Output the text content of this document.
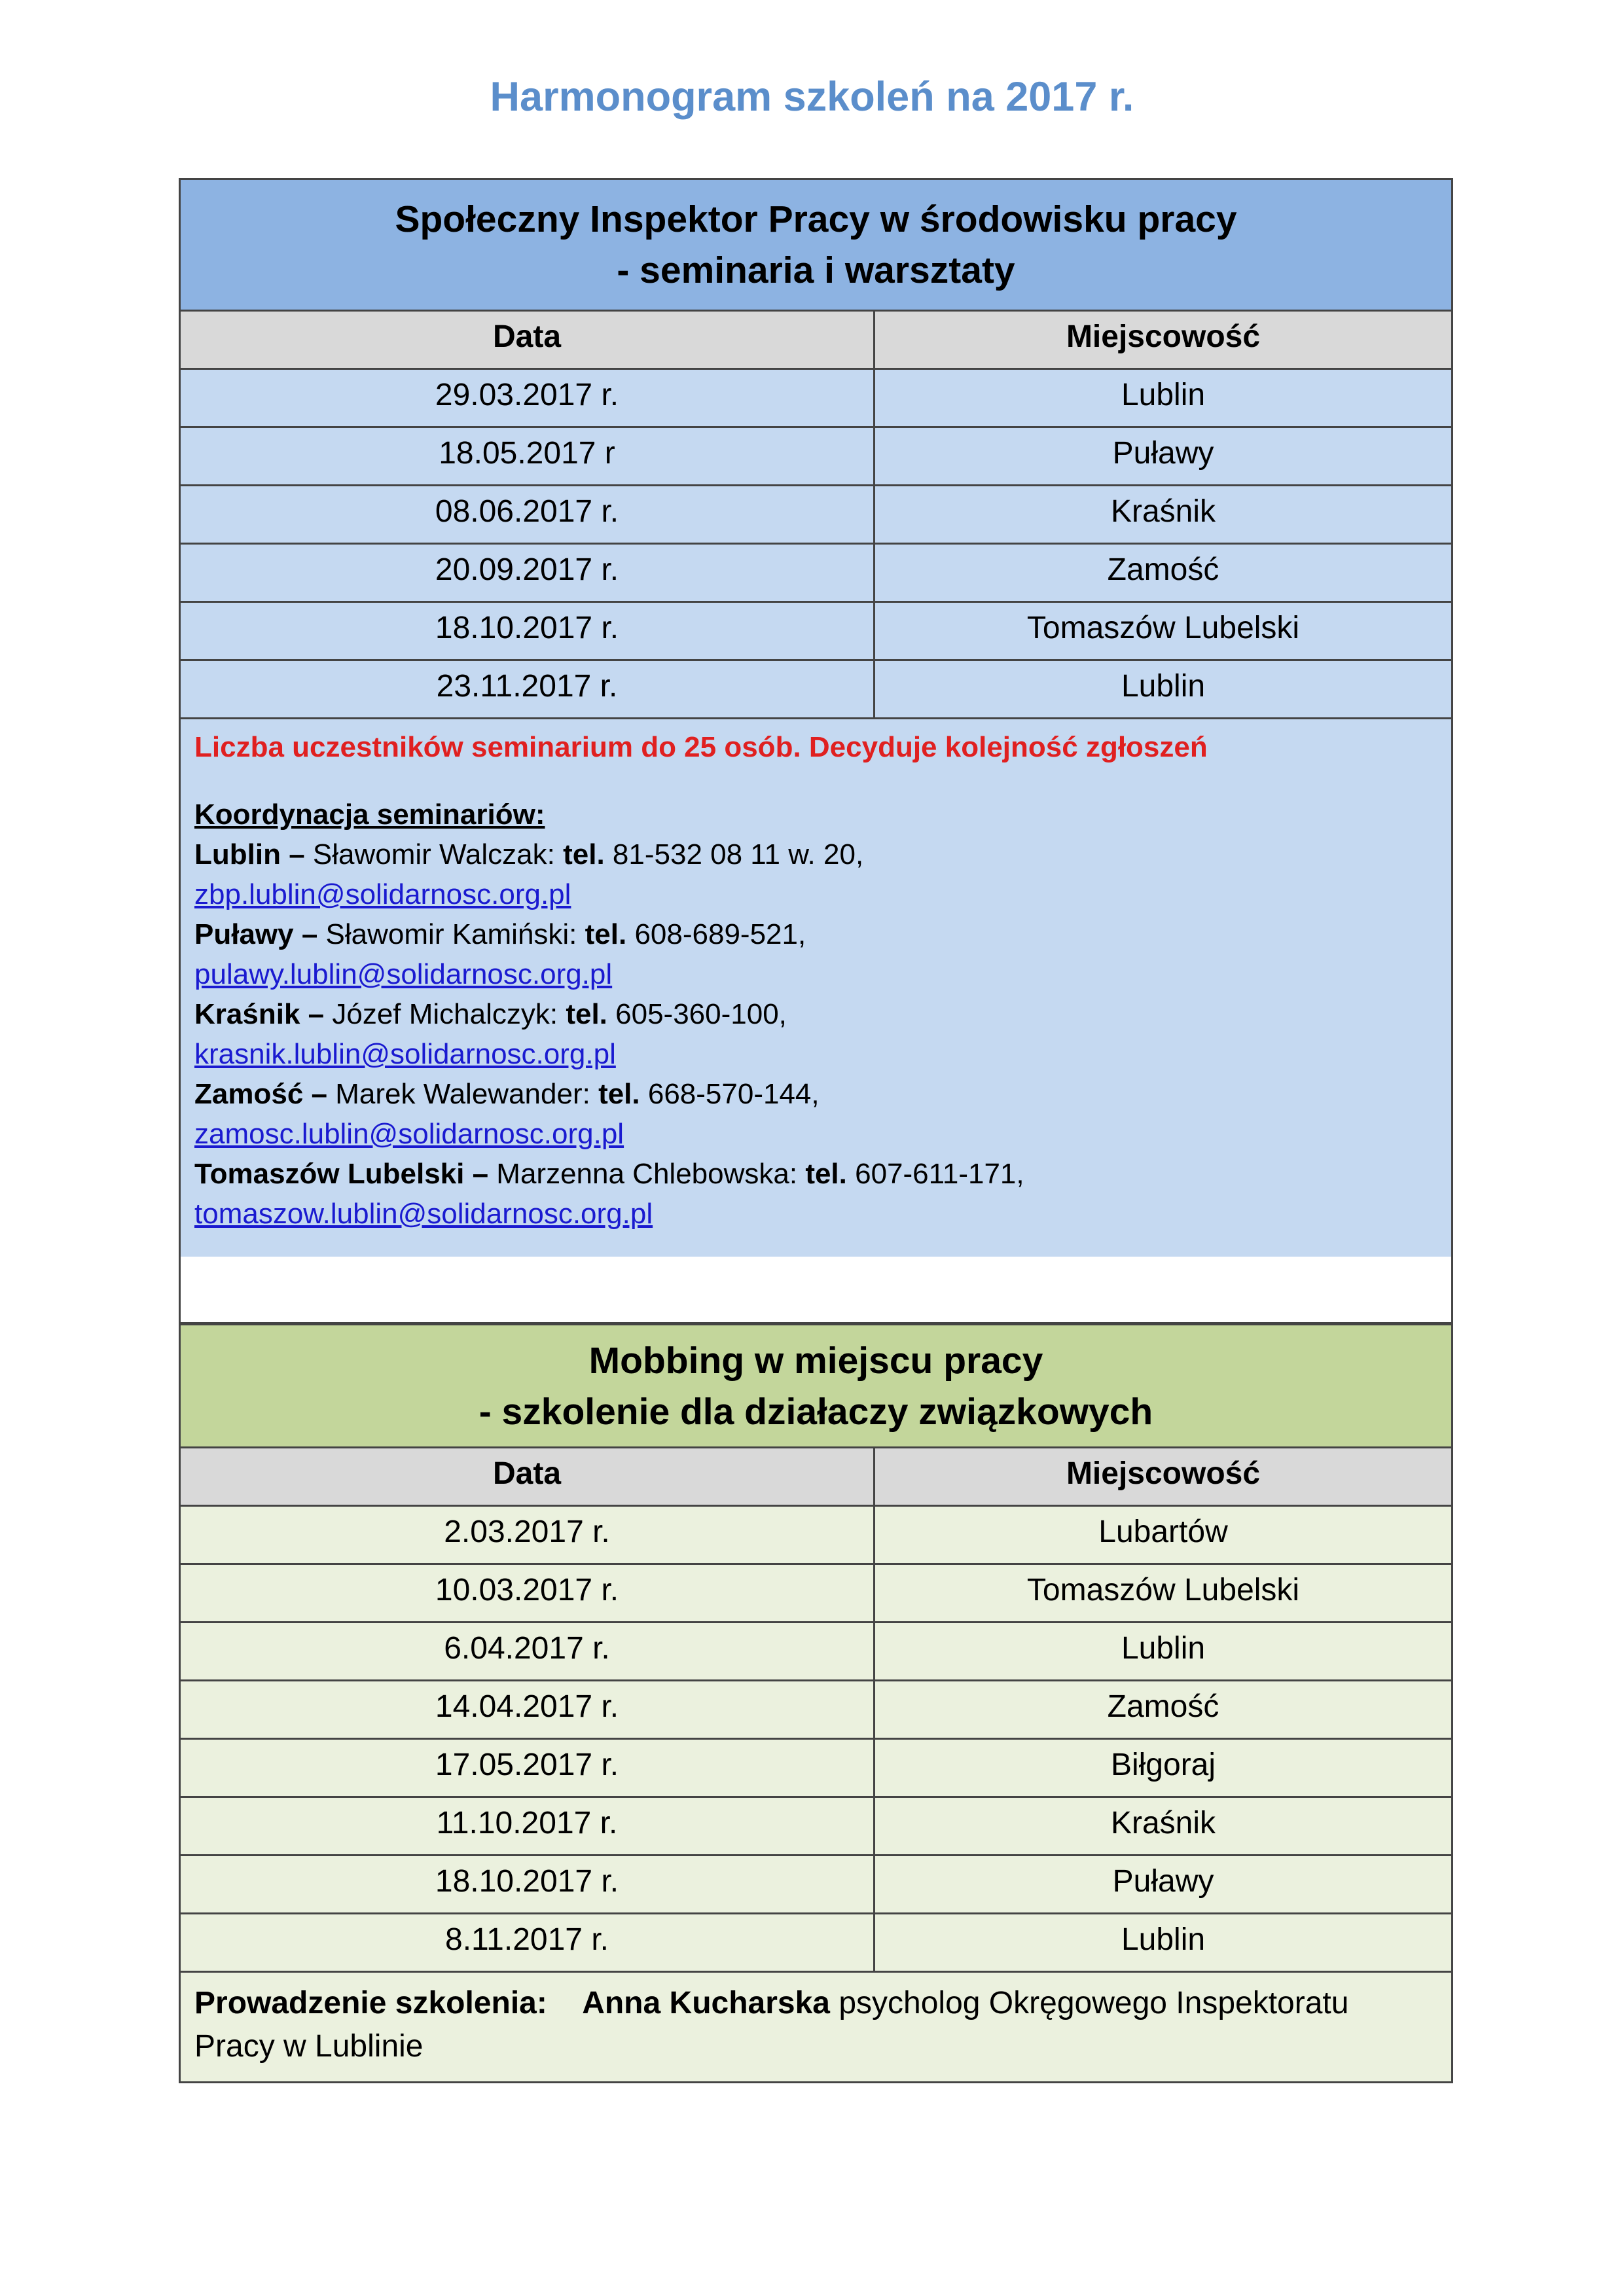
Harmonogram szkoleń na 2017 r.
Społeczny Inspektor Pracy w środowisku pracy
- seminaria i warsztaty
Data	Miejscowość
29.03.2017 r.	Lublin
18.05.2017 r	Puławy
08.06.2017 r.	Kraśnik
20.09.2017 r.	Zamość
18.10.2017 r.	Tomaszów Lubelski
23.11.2017 r.	Lublin
Liczba uczestników seminarium do 25 osób. Decyduje kolejność zgłoszeń
Koordynacja seminariów:
Lublin – Sławomir Walczak: tel. 81-532 08 11 w. 20,
zbp.lublin@solidarnosc.org.pl
Puławy – Sławomir Kamiński: tel. 608-689-521,
pulawy.lublin@solidarnosc.org.pl
Kraśnik – Józef Michalczyk: tel. 605-360-100,
krasnik.lublin@solidarnosc.org.pl
Zamość – Marek Walewander: tel. 668-570-144,
zamosc.lublin@solidarnosc.org.pl
Tomaszów Lubelski – Marzenna Chlebowska: tel. 607-611-171,
tomaszow.lublin@solidarnosc.org.pl
Mobbing w miejscu pracy
- szkolenie dla działaczy związkowych
Data	Miejscowość
2.03.2017 r.	Lubartów
10.03.2017 r.	Tomaszów Lubelski
6.04.2017 r.	Lublin
14.04.2017 r.	Zamość
17.05.2017 r.	Biłgoraj
11.10.2017 r.	Kraśnik
18.10.2017 r.	Puławy
8.11.2017 r.	Lublin
Prowadzenie szkolenia: Anna Kucharska psycholog Okręgowego Inspektoratu
Pracy w Lublinie
